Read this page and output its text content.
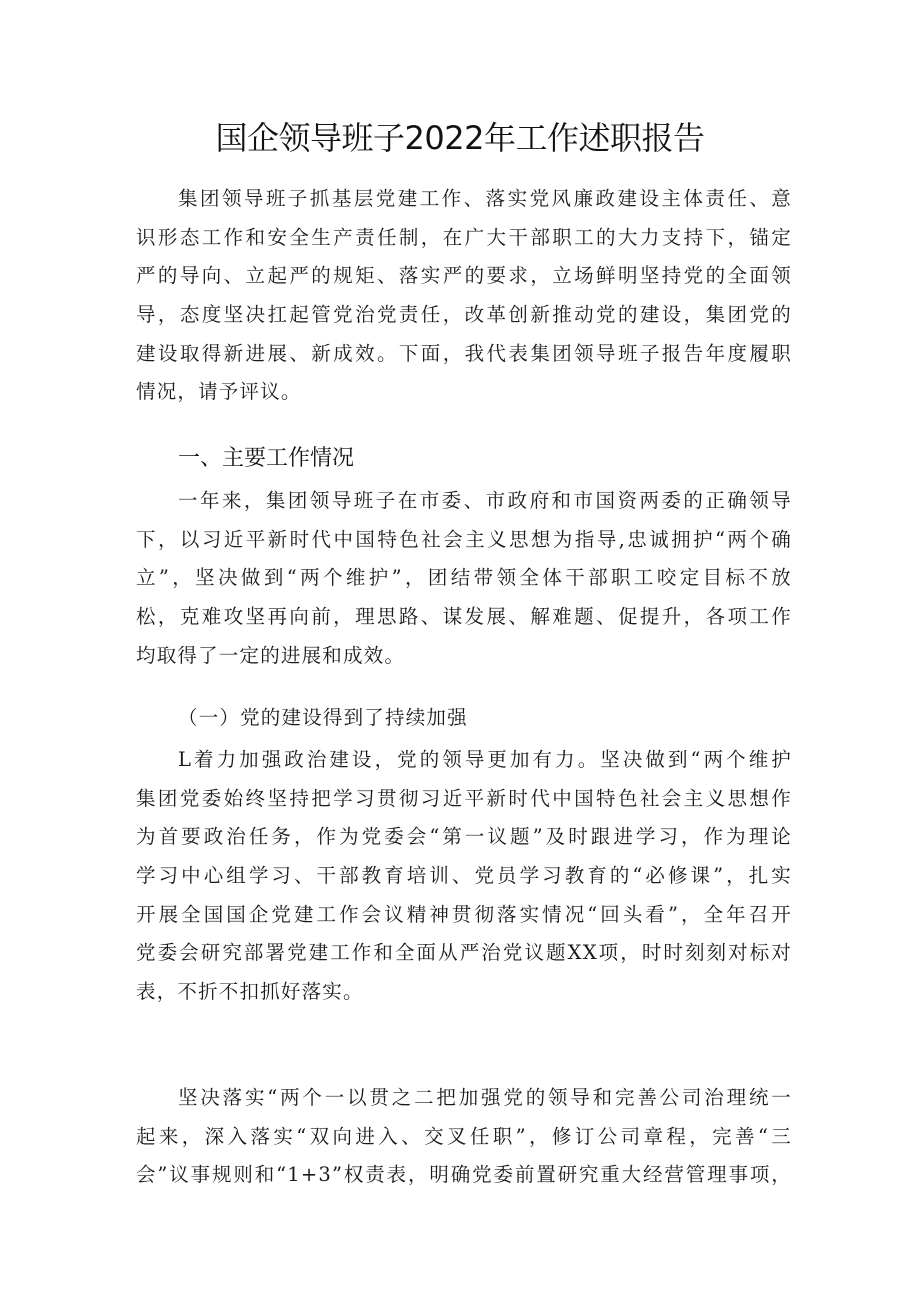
国企领导班子2022年工作述职报告
集团领导班子抓基层党建工作、落实党风廉政建设主体责任、意
识形态工作和安全生产责任制，在广大干部职工的大力支持下，锚定
严的导向、立起严的规矩、落实严的要求，立场鲜明坚持党的全面领
导，态度坚决扛起管党治党责任，改革创新推动党的建设，集团党的
建设取得新进展、新成效。下面，我代表集团领导班子报告年度履职
情况，请予评议。
一、主要工作情况
一年来，集团领导班子在市委、市政府和市国资两委的正确领导
下，以习近平新时代中国特色社会主义思想为指导,忠诚拥护“两个确
立”，坚决做到“两个维护”，团结带领全体干部职工咬定目标不放
松，克难攻坚再向前，理思路、谋发展、解难题、促提升，各项工作
均取得了一定的进展和成效。
（一）党的建设得到了持续加强
L着力加强政治建设，党的领导更加有力。坚决做到“两个维护
集团党委始终坚持把学习贯彻习近平新时代中国特色社会主义思想作
为首要政治任务，作为党委会“第一议题”及时跟进学习，作为理论
学习中心组学习、干部教育培训、党员学习教育的“必修课”，扎实
开展全国国企党建工作会议精神贯彻落实情况“回头看”，全年召开
党委会研究部署党建工作和全面从严治党议题XX项，时时刻刻对标对
表，不折不扣抓好落实。
坚决落实“两个一以贯之二把加强党的领导和完善公司治理统一
起来，深入落实“双向进入、交叉任职”，修订公司章程，完善“三
会”议事规则和“1+3”权责表，明确党委前置研究重大经营管理事项，
